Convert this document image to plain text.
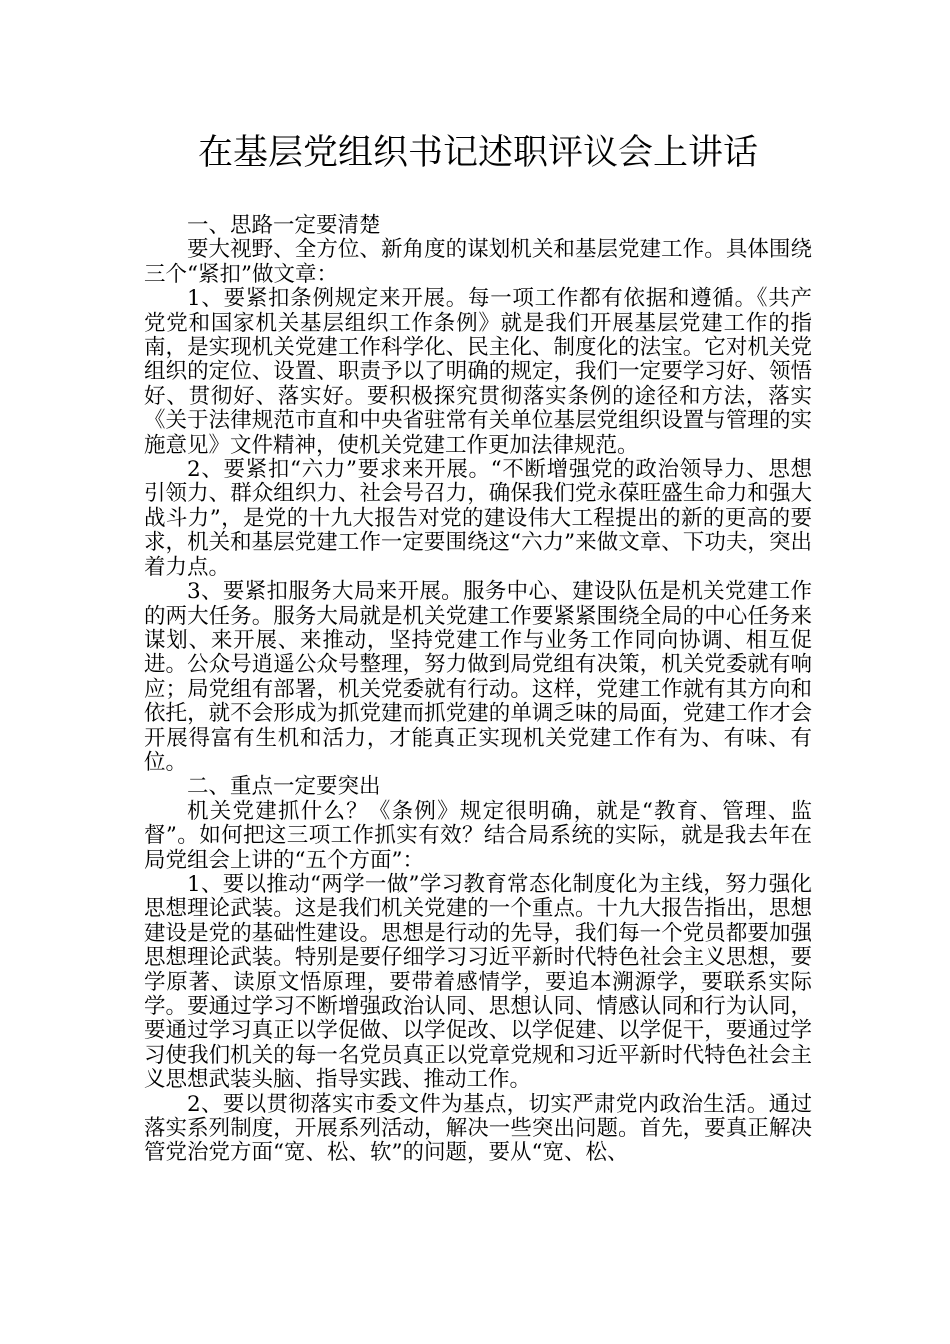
在基层党组织书记述职评议会上讲话

一、思路一定要清楚

要大视野、全方位、新角度的谋划机关和基层党建工作。具体围绕三个“紧扣”做文章：

1、要紧扣条例规定来开展。每一项工作都有依据和遵循。《共产党党和国家机关基层组织工作条例》就是我们开展基层党建工作的指南，是实现机关党建工作科学化、民主化、制度化的法宝。它对机关党组织的定位、设置、职责予以了明确的规定，我们一定要学习好、领悟好、贯彻好、落实好。要积极探究贯彻落实条例的途径和方法，落实《关于法律规范市直和中央省驻常有关单位基层党组织设置与管理的实施意见》文件精神，使机关党建工作更加法律规范。

2、要紧扣“六力”要求来开展。“不断增强党的政治领导力、思想引领力、群众组织力、社会号召力，确保我们党永葆旺盛生命力和强大战斗力”，是党的十九大报告对党的建设伟大工程提出的新的更高的要求，机关和基层党建工作一定要围绕这“六力”来做文章、下功夫，突出着力点。

3、要紧扣服务大局来开展。服务中心、建设队伍是机关党建工作的两大任务。服务大局就是机关党建工作要紧紧围绕全局的中心任务来谋划、来开展、来推动，坚持党建工作与业务工作同向协调、相互促进。公众号逍遥公众号整理，努力做到局党组有决策，机关党委就有响应；局党组有部署，机关党委就有行动。这样，党建工作就有其方向和依托，就不会形成为抓党建而抓党建的单调乏味的局面，党建工作才会开展得富有生机和活力，才能真正实现机关党建工作有为、有味、有位。

二、重点一定要突出

机关党建抓什么？《条例》规定很明确，就是“教育、管理、监督”。如何把这三项工作抓实有效？结合局系统的实际，就是我去年在局党组会上讲的“五个方面”：

1、要以推动“两学一做”学习教育常态化制度化为主线，努力强化思想理论武装。这是我们机关党建的一个重点。十九大报告指出，思想建设是党的基础性建设。思想是行动的先导，我们每一个党员都要加强思想理论武装。特别是要仔细学习习近平新时代特色社会主义思想，要学原著、读原文悟原理，要带着感情学，要追本溯源学，要联系实际学。要通过学习不断增强政治认同、思想认同、情感认同和行为认同，要通过学习真正以学促做、以学促改、以学促建、以学促干，要通过学习使我们机关的每一名党员真正以党章党规和习近平新时代特色社会主义思想武装头脑、指导实践、推动工作。

2、要以贯彻落实市委文件为基点，切实严肃党内政治生活。通过落实系列制度，开展系列活动，解决一些突出问题。首先，要真正解决管党治党方面“宽、松、软”的问题，要从“宽、松、
